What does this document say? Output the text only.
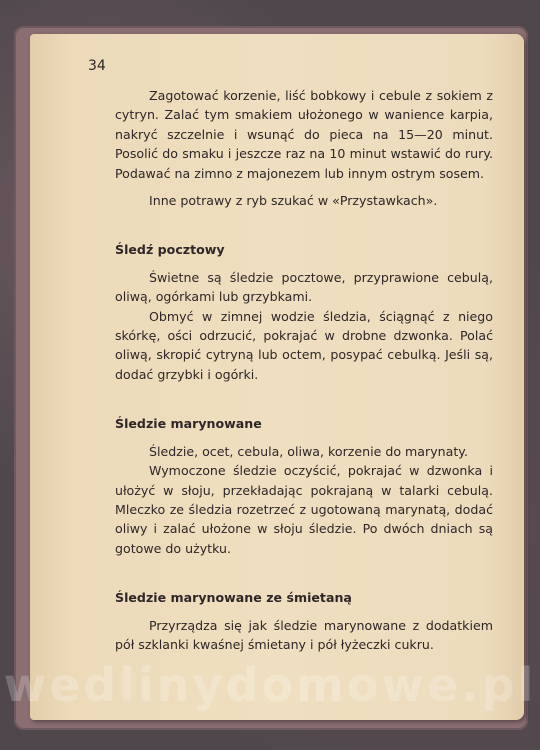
34

Zagotować korzenie, liść bobkowy i cebule z sokiem z cytryn. Zalać tym smakiem ułożonego w wanience karpia, nakryć szczelnie i wsunąć do pieca na 15—20 minut. Posolić do smaku i jeszcze raz na 10 minut wstawić do rury. Podawać na zimno z majonezem lub innym ostrym sosem.

Inne potrawy z ryb szukać w «Przystawkach».

Śledź pocztowy

Świetne są śledzie pocztowe, przyprawione cebulą, oliwą, ogórkami lub grzybkami.

Obmyć w zimnej wodzie śledzia, ściągnąć z niego skórkę, ości odrzucić, pokrajać w drobne dzwonka. Polać oliwą, skropić cytryną lub octem, posypać cebulką. Jeśli są, dodać grzybki i ogórki.

Śledzie marynowane

Śledzie, ocet, cebula, oliwa, korzenie do marynaty.

Wymoczone śledzie oczyścić, pokrajać w dzwonka i ułożyć w słoju, przekładając pokrajaną w talarki cebulą. Mleczko ze śledzia rozetrzeć z ugotowaną marynatą, dodać oliwy i zalać ułożone w słoju śledzie. Po dwóch dniach są gotowe do użytku.

Śledzie marynowane ze śmietaną

Przyrządza się jak śledzie marynowane z dodatkiem pół szklanki kwaśnej śmietany i pół łyżeczki cukru.

wedlinydomowe.pl
